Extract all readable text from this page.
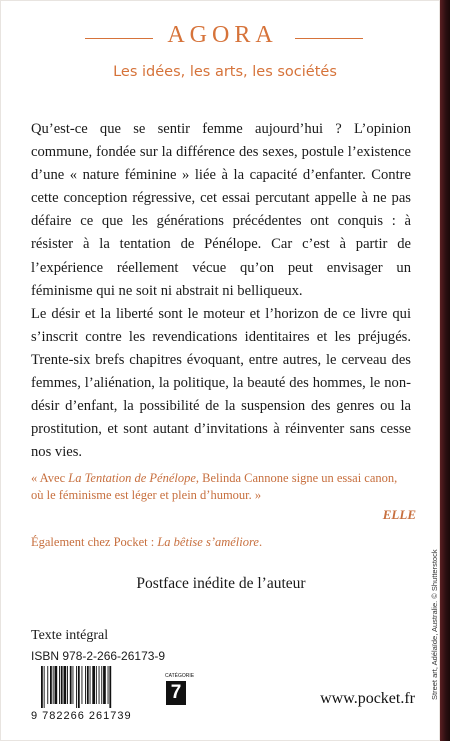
AGORA
Les idées, les arts, les sociétés

Qu’est-ce que se sentir femme aujourd’hui ? L’opinion commune, fondée sur la différence des sexes, postule l’existence d’une « nature féminine » liée à la capacité d’enfanter. Contre cette conception régressive, cet essai percutant appelle à ne pas défaire ce que les générations précédentes ont conquis : à résister à la tentation de Pénélope. Car c’est à partir de l’expérience réellement vécue qu’on peut envisager un féminisme qui ne soit ni abstrait ni belliqueux.

Le désir et la liberté sont le moteur et l’horizon de ce livre qui s’inscrit contre les revendications identitaires et les préjugés. Trente-six brefs chapitres évoquant, entre autres, le cerveau des femmes, l’aliénation, la politique, la beauté des hommes, le non-désir d’enfant, la possibilité de la suspension des genres ou la prostitution, et sont autant d’invitations à réinventer sans cesse nos vies.

« Avec La Tentation de Pénélope, Belinda Cannone signe un essai canon, où le féminisme est léger et plein d’humour. »
ELLE
Également chez Pocket : La bêtise s’améliore.
Postface inédite de l’auteur
Texte intégral
ISBN 978-2-266-26173-9
9 782266 261739
CATÉGORIE
7	www.pocket.fr Street art, Adélaïde, Australie. © Shutterstock
